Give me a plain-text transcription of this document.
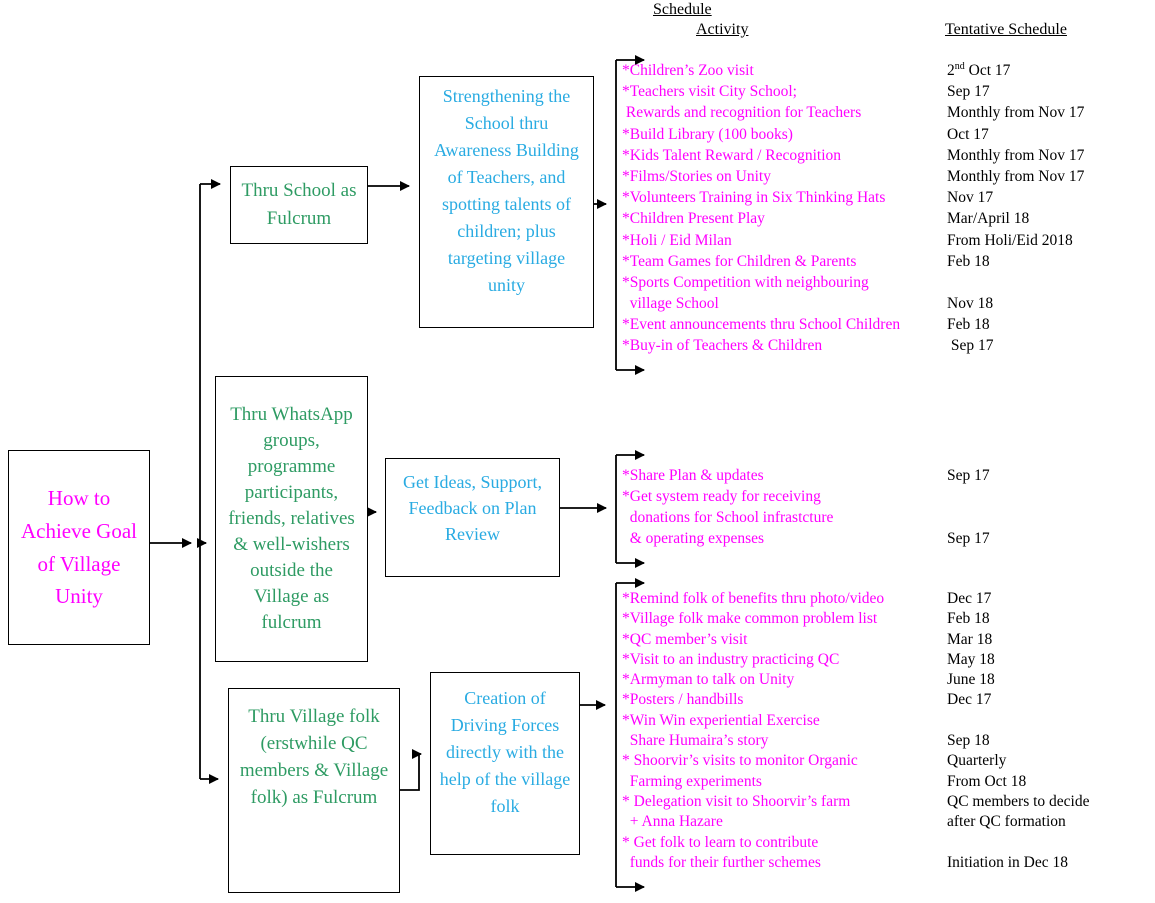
Schedule
Activity	Tentative Schedule
How to Achieve Goal of Village Unity
Thru School as Fulcrum
Strengthening the School thru Awareness Building of Teachers, and spotting talents of children; plus targeting village unity
Thru WhatsApp groups, programme participants, friends, relatives & well-wishers outside the Village as fulcrum
Get Ideas, Support, Feedback on Plan Review
Thru Village folk (erstwhile QC members & Village folk) as Fulcrum
Creation of Driving Forces directly with the help of the village folk
*Children’s Zoo visit
*Teachers visit City School;
Rewards and recognition for Teachers
*Build Library (100 books)
*Kids Talent Reward / Recognition
*Films/Stories on Unity
*Volunteers Training in Six Thinking Hats
*Children Present Play
*Holi / Eid Milan
*Team Games for Children & Parents
*Sports Competition with neighbouring
village School
*Event announcements thru School Children
*Buy-in of Teachers & Children
2nd Oct 17
Sep 17
Monthly from Nov 17
Oct 17
Monthly from Nov 17
Monthly from Nov 17
Nov 17
Mar/April 18
From Holi/Eid 2018
Feb 18
Nov 18
Feb 18
Sep 17
*Share Plan & updates
*Get system ready for receiving
donations for School infrastcture
& operating expenses
Sep 17
Sep 17
*Remind folk of benefits thru photo/video
*Village folk make common problem list
*QC member’s visit
*Visit to an industry practicing QC
*Armyman to talk on Unity
*Posters / handbills
*Win Win experiential Exercise
Share Humaira’s story
* Shoorvir’s visits to monitor Organic
Farming experiments
* Delegation visit to Shoorvir’s farm
+ Anna Hazare
* Get folk to learn to contribute
funds for their further schemes
Dec 17
Feb 18
Mar 18
May 18
June 18
Dec 17
Sep 18
Quarterly
From Oct 18
QC members to decide
after QC formation
Initiation in Dec 18
